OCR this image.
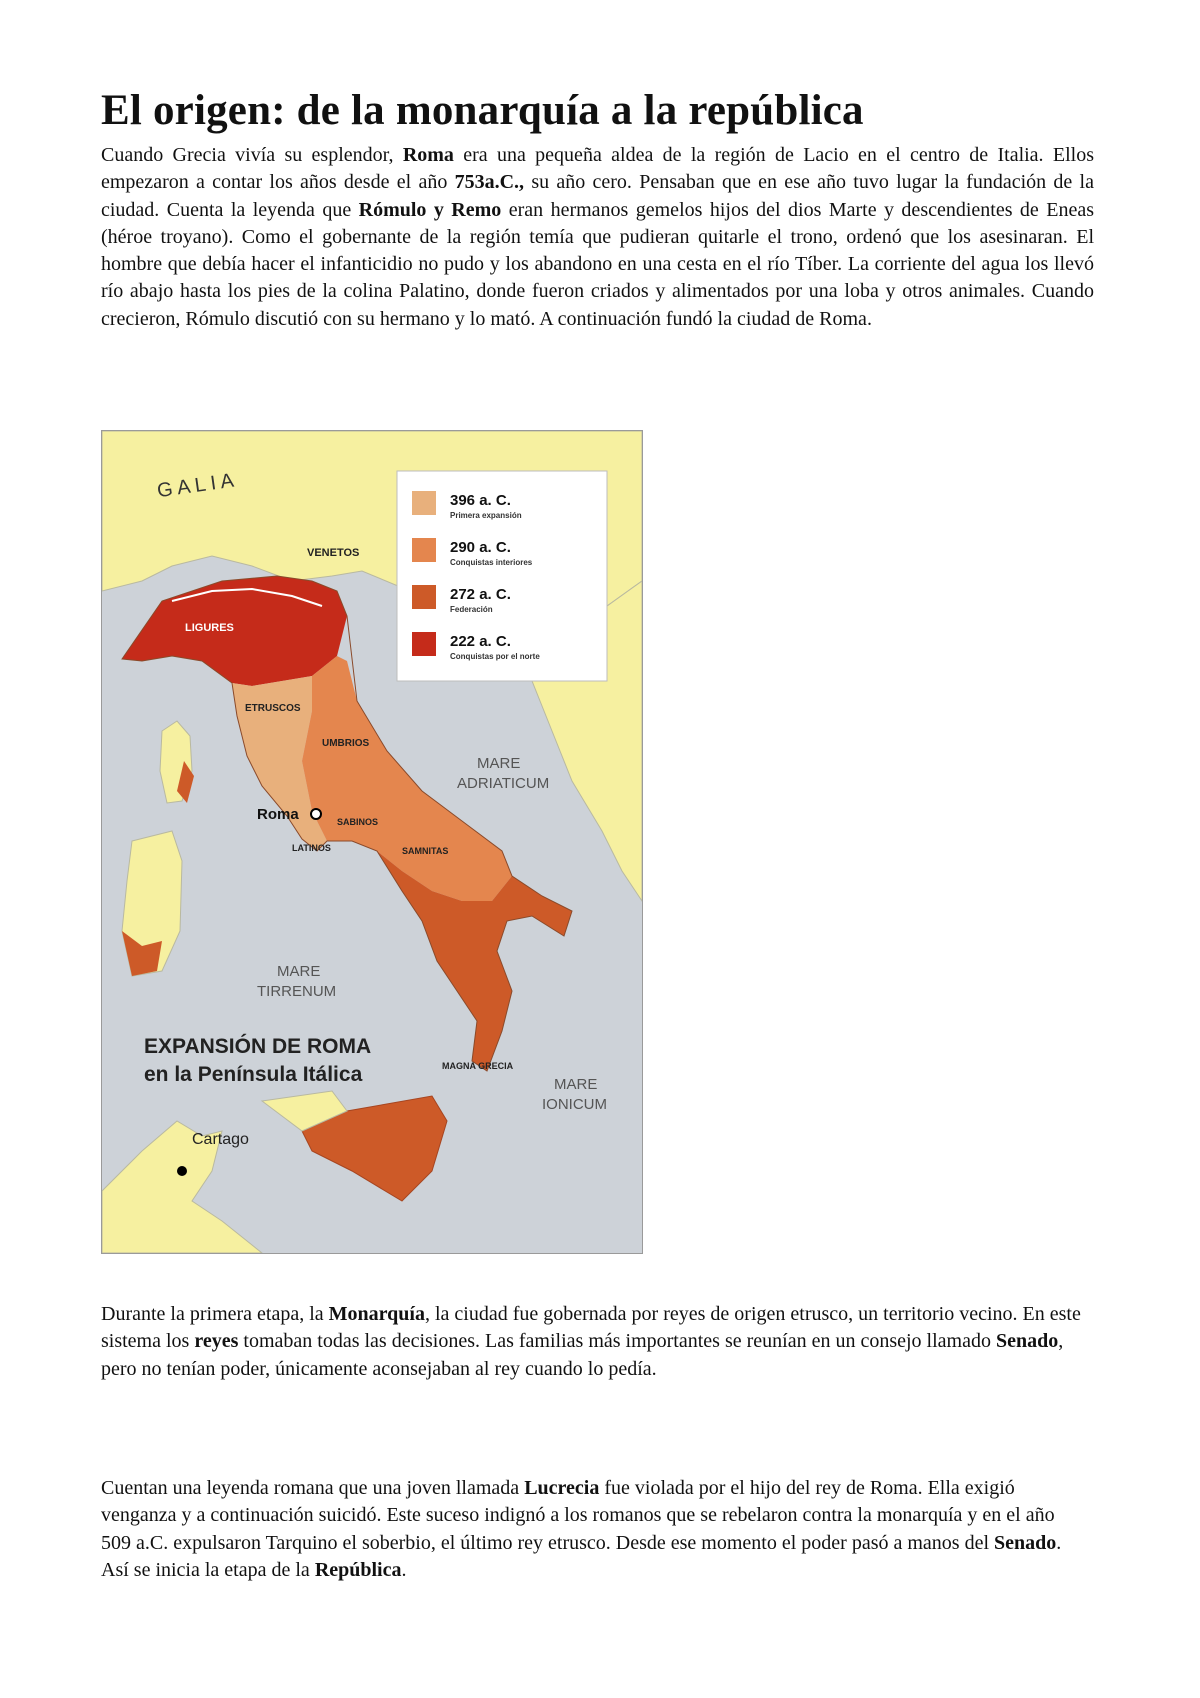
El origen: de la monarquía a la república

Cuando Grecia vivía su esplendor, Roma era una pequeña aldea de la región de Lacio en el centro de Italia. Ellos empezaron a contar los años desde el año 753a.C., su año cero. Pensaban que en ese año tuvo lugar la fundación de la ciudad. Cuenta la leyenda que Rómulo y Remo eran hermanos gemelos hijos del dios Marte y descendientes de Eneas (héroe troyano). Como el gobernante de la región temía que pudieran quitarle el trono, ordenó que los asesinaran. El hombre que debía hacer el infanticidio no pudo y los abandono en una cesta en el río Tíber. La corriente del agua los llevó río abajo hasta los pies de la colina Palatino, donde fueron criados y alimentados por una loba y otros animales. Cuando crecieron, Rómulo discutió con su hermano y lo mató. A continuación fundó la ciudad de Roma.

396 a. C.
Primera expansión
290 a. C.
Conquistas interiores
272 a. C.
Federación
222 a. C.
Conquistas por el norte
G A L I A
VENETOS
LIGURES
ETRUSCOS
UMBRIOS
MARE
ADRIATICUM
Roma	SABINOS
LATINOS	SAMNITAS
MARE
TIRRENUM
EXPANSIÓN DE ROMA
en la Península Itálica	MAGNA GRECIA
MARE
IONICUM
Cartago

Durante la primera etapa, la Monarquía, la ciudad fue gobernada por reyes de origen etrusco, un territorio vecino. En este sistema los reyes tomaban todas las decisiones. Las familias más importantes se reunían en un consejo llamado Senado, pero no tenían poder, únicamente aconsejaban al rey cuando lo pedía.

Cuentan una leyenda romana que una joven llamada Lucrecia fue violada por el hijo del rey de Roma. Ella exigió venganza y a continuación suicidó. Este suceso indignó a los romanos que se rebelaron contra la monarquía y en el año 509 a.C. expulsaron Tarquino el soberbio, el último rey etrusco. Desde ese momento el poder pasó a manos del Senado. Así se inicia la etapa de la República.
